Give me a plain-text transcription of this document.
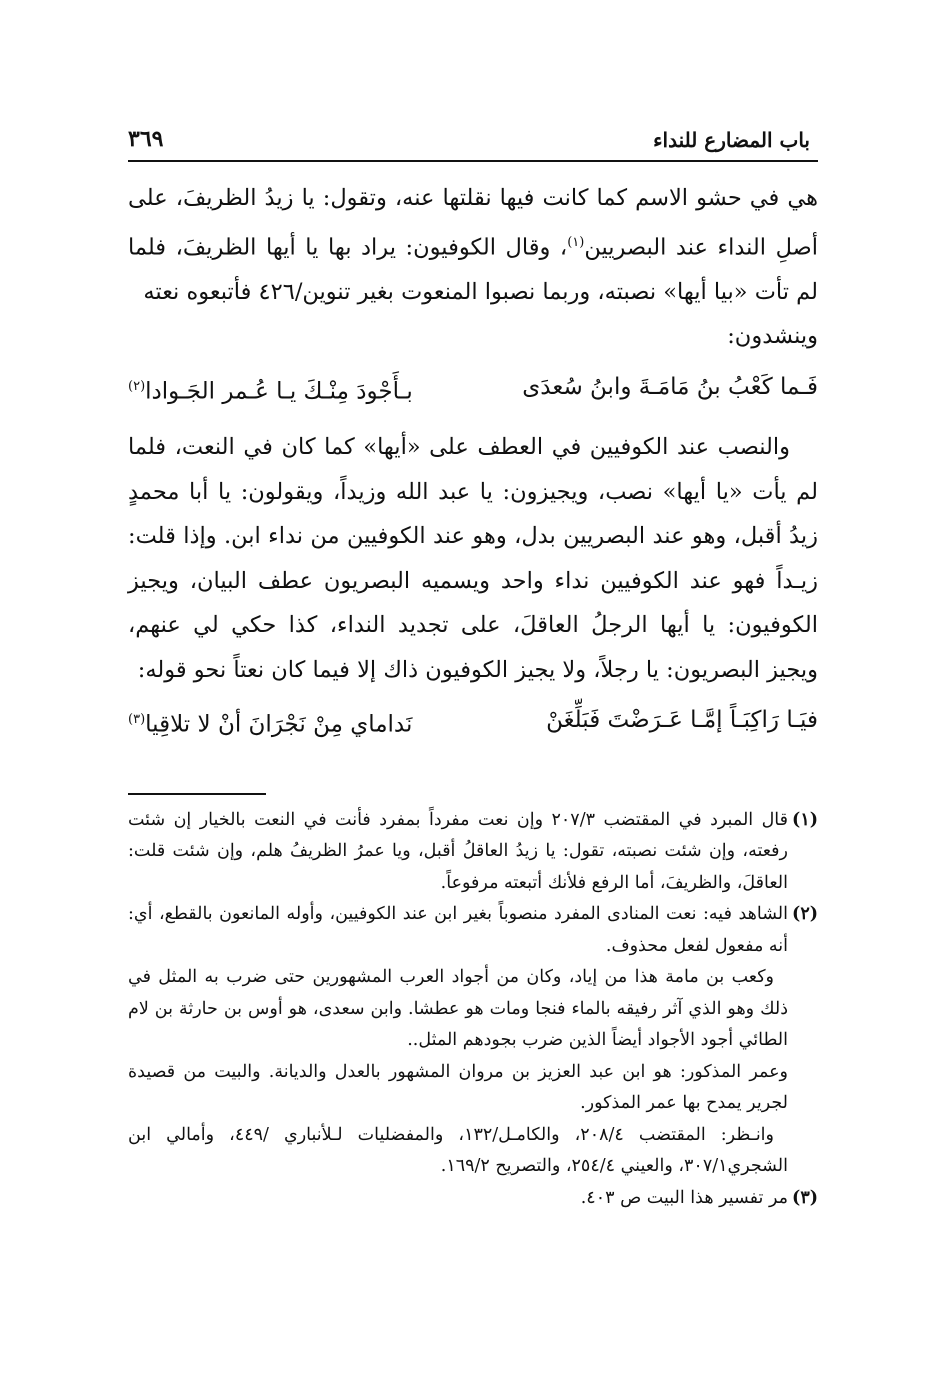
باب المضارع للنداء
٣٦٩

هي في حشو الاسم كما كانت فيها نقلتها عنه، وتقول: يا زيدُ الظريفَ، على أصلِ النداء عند البصريين$^{(١)}$، وقال الكوفيون: يراد بها يا أيها الظريفَ، فلما لم تأت «بيا أيها» نصبته، وربما نصبوا المنعوت بغير تنوين/٤٢٦ فأتبعوه نعته
وينشدون:

فَـما كَعْبُ بنُ مَامَـةَ وابنُ سُعدَى
بـأَجْودَ مِنْـكَ يـا عُـمر الجَـوادا$^{(٢)}$

والنصب عند الكوفيين في العطف على «أيها» كما كان في النعت، فلما لم يأت «يا أيها» نصب، ويجيزون: يا عبد الله وزيداً، ويقولون: يا أبا محمدٍ زيدُ أقبل، وهو عند البصريين بدل، وهو عند الكوفيين من نداء ابن. وإذا قلت: زيـداً فهو عند الكوفيين نداء واحد ويسميه البصريون عطف البيان، ويجيز الكوفيون: يا أيها الرجلُ العاقلَ، على تجديد النداء، كذا حكي لي عنهم، ويجيز البصريون: يا رجلاً، ولا يجيز الكوفيون ذاك إلا فيما كان نعتاً نحو قوله:

فيَـا رَاكِبَـاً إمَّـا عَـرَضْتَ فَبَلِّغَنْ
نَداماي مِنْ نَجْرَانَ أنْ لا تلاقِيا$^{(٣)}$

(١)
قال المبرد في المقتضب ٢٠٧/٣ وإن نعت مفرداً بمفرد فأنت في النعت بالخيار إن شئت رفعته، وإن شئت نصبته، تقول: يا زيدُ العاقلُ أقبل، ويا عمرُ الظريفُ هلم، وإن شئت قلت: العاقلَ، والظريفَ، أما الرفع فلأنك أتبعته مرفوعاً.

(٢)
الشاهد فيه: نعت المنادى المفرد منصوباً بغير ابن عند الكوفيين، وأوله المانعون بالقطع، أي: أنه مفعول لفعل محذوف.

وكعب بن مامة هذا من إياد، وكان من أجواد العرب المشهورين حتى ضرب به المثل في ذلك وهو الذي آثر رفيقه بالماء فنجا ومات هو عطشا. وابن سعدى، هو أوس بن حارثة بن لام الطائي أجود الأجواد أيضاً الذين ضرب بجودهم المثل..

وعمر المذكور: هو ابن عبد العزيز بن مروان المشهور بالعدل والديانة. والبيت من قصيدة لجرير يمدح بها عمر المذكور.

وانـظر: المقتضب ٢٠٨/٤، والكامـل/١٣٢، والمفضليات لـلأنباري /٤٤٩، وأمالي ابن الشجري٣٠٧/١، والعيني ٢٥٤/٤، والتصريح ١٦٩/٢.

(٣)
مر تفسير هذا البيت ص ٤٠٣.
